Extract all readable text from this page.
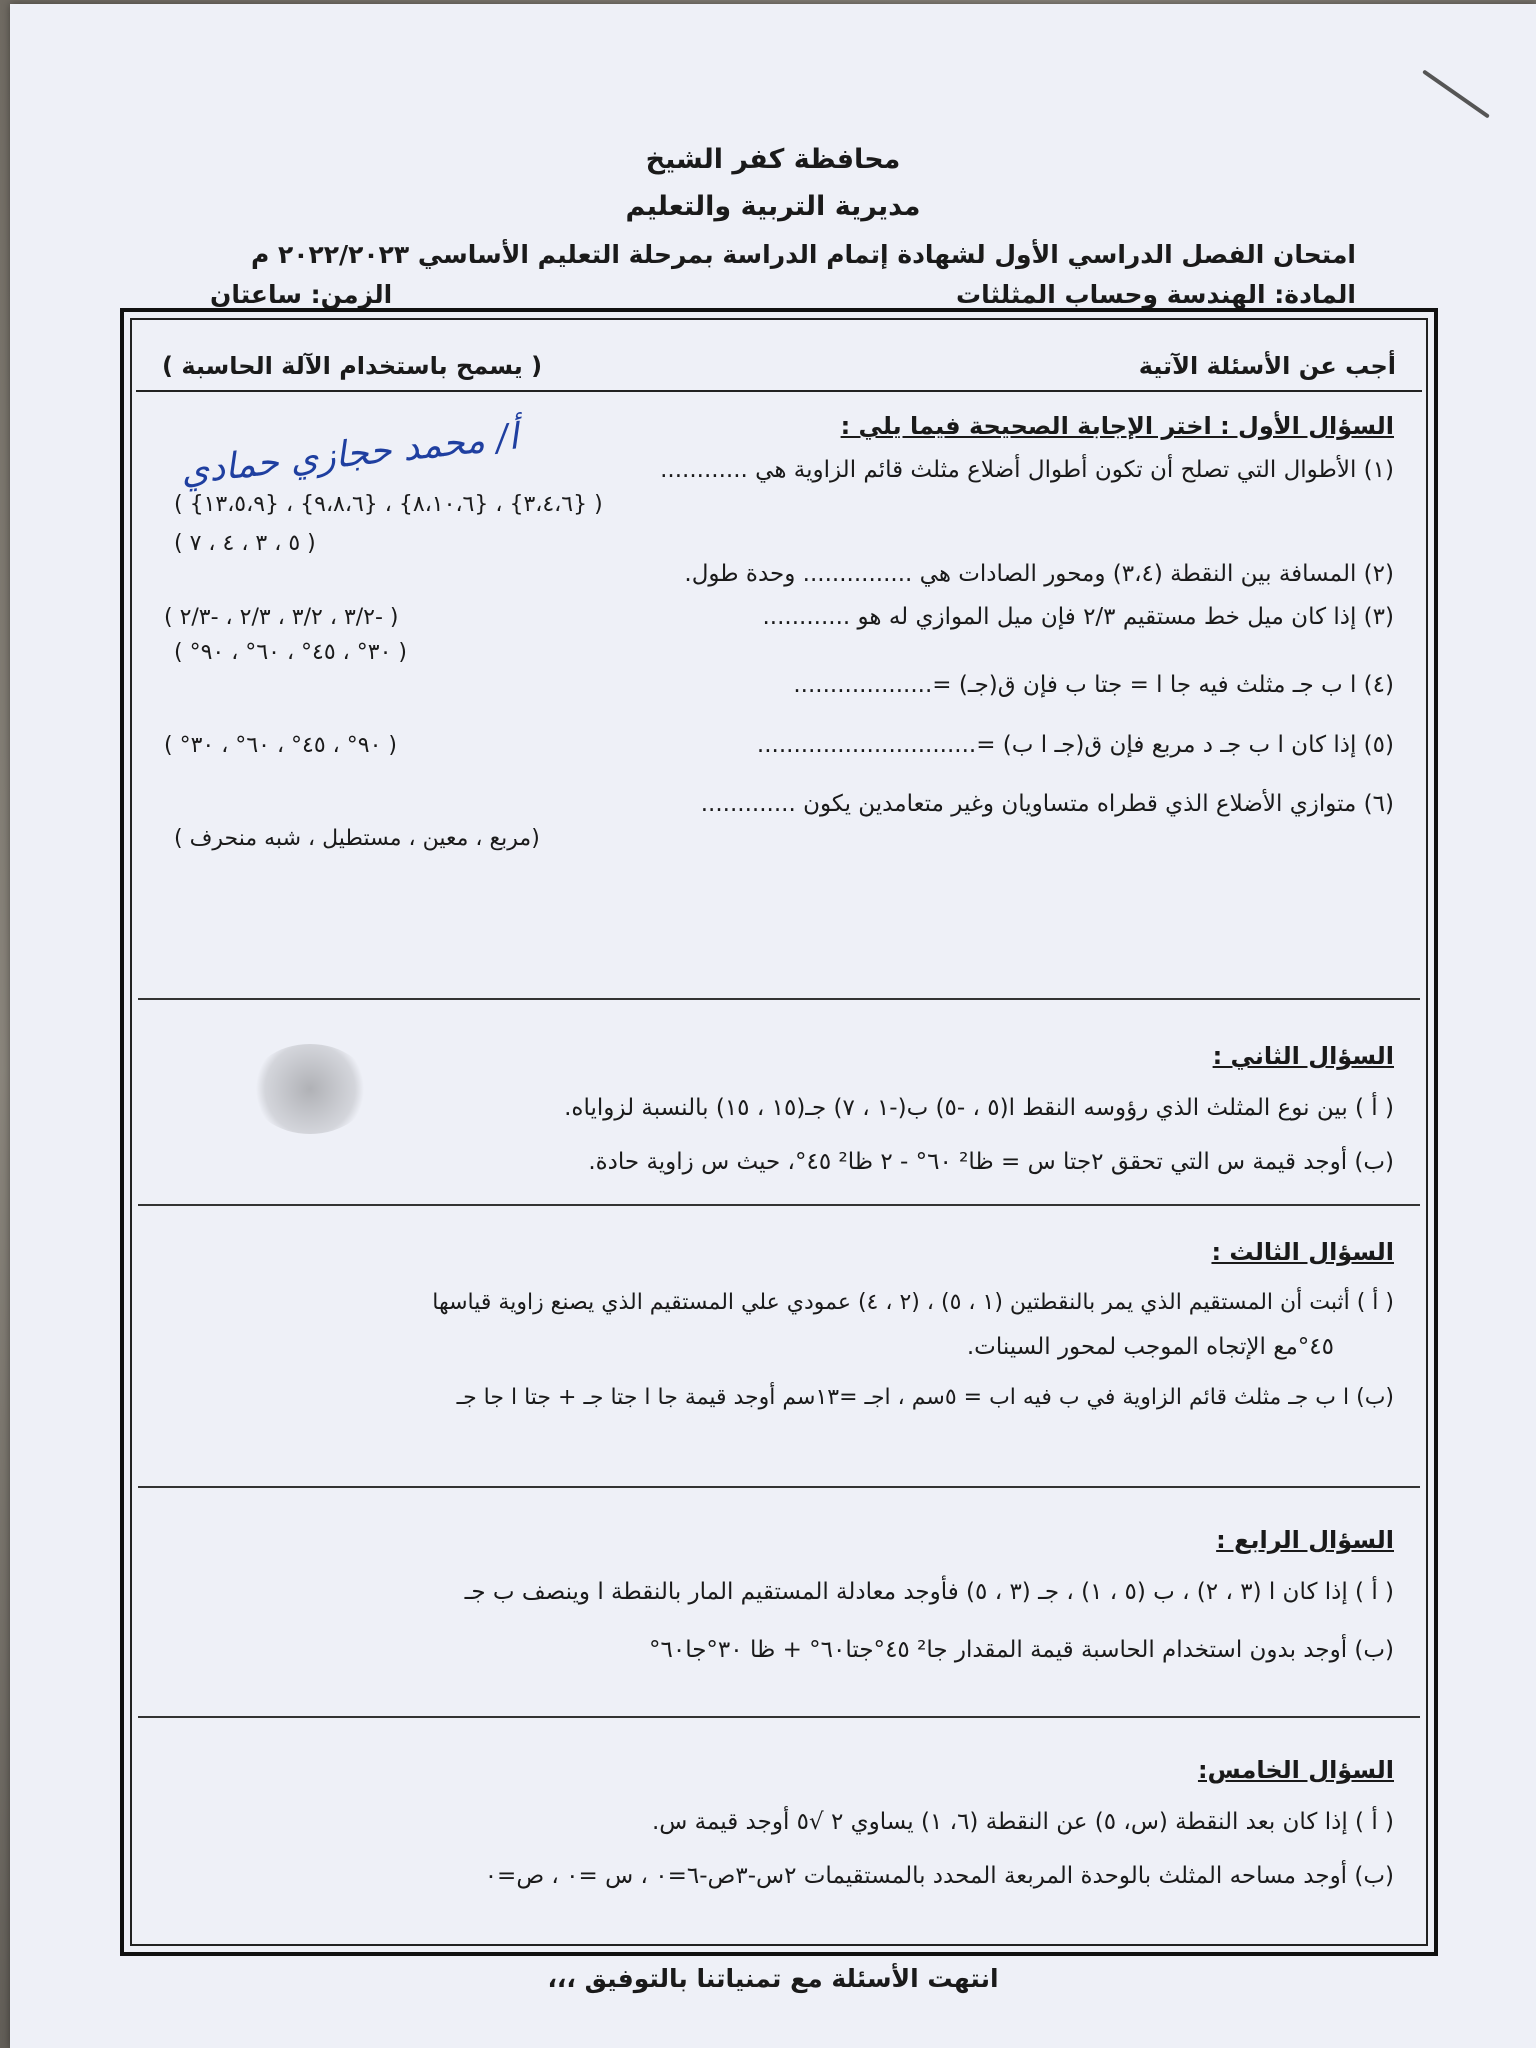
محافظة كفر الشيخ
مديرية التربية والتعليم
امتحان الفصل الدراسي الأول لشهادة إتمام الدراسة بمرحلة التعليم الأساسي ٢٠٢٢/٢٠٢٣ م
المادة: الهندسة وحساب المثلثات
الزمن: ساعتان
أجب عن الأسئلة الآتية
( يسمح باستخدام الآلة الحاسبة )
السؤال الأول : اختر الإجابة الصحيحة فيما يلي :
(١) الأطوال التي تصلح أن تكون أطوال أضلاع مثلث قائم الزاوية هي ............
( {٣،٤،٦} ، {٨،١٠،٦} ، {٩،٨،٦} ، {١٣،٥،٩} )
( ٥ ، ٣ ، ٤ ، ٧ )
(٢) المسافة بين النقطة (٣،٤) ومحور الصادات هي ............... وحدة طول.
(٣) إذا كان ميل خط مستقيم ٢/٣ فإن ميل الموازي له هو ............
( -٣/٢ ، ٣/٢ ، ٢/٣ ، -٢/٣ )
( ٣٠° ، ٤٥° ، ٦٠° ، ٩٠° )
(٤) ا ب جـ مثلث فيه جا ا = جتا ب فإن ق(جـ) =...................
(٥) إذا كان ا ب جـ د مربع فإن ق(جـ ا ب) =..............................
( ٩٠° ، ٤٥° ، ٦٠° ، ٣٠° )
(٦) متوازي الأضلاع الذي قطراه متساويان وغير متعامدين يكون .............
(مربع ، معين ، مستطيل ، شبه منحرف )
السؤال الثاني :
( أ ) بين نوع المثلث الذي رؤوسه النقط ا(٥ ، -٥) ب(-١ ، ٧) جـ(١٥ ، ١٥) بالنسبة لزواياه.
(ب) أوجد قيمة س التي تحقق ٢جتا س = ظا² ٦٠° - ٢ ظا² ٤٥°، حيث س زاوية حادة.
السؤال الثالث :
( أ ) أثبت أن المستقيم الذي يمر بالنقطتين (١ ، ٥) ، (٢ ، ٤) عمودي علي المستقيم الذي يصنع زاوية قياسها
٤٥°مع الإتجاه الموجب لمحور السينات.
(ب) ا ب جـ مثلث قائم الزاوية في ب فيه اب = ٥سم ، اجـ =١٣سم أوجد قيمة جا ا جتا جـ + جتا ا جا جـ
السؤال الرابع :
( أ ) إذا كان ا (٣ ، ٢) ، ب (٥ ، ١) ، جـ (٣ ، ٥) فأوجد معادلة المستقيم المار بالنقطة ا وينصف ب جـ
(ب) أوجد بدون استخدام الحاسبة قيمة المقدار جا² ٤٥°جتا٦٠° + ظا ٣٠°جا٦٠°
السؤال الخامس:
( أ ) إذا كان بعد النقطة (س، ٥) عن النقطة (٦، ١) يساوي ٢ √٥ أوجد قيمة س.
(ب) أوجد مساحه المثلث بالوحدة المربعة المحدد بالمستقيمات ٢س-٣ص-٦=٠ ، س =٠ ، ص=٠
أ/ محمد حجازي حمادي
انتهت الأسئلة مع تمنياتنا بالتوفيق ،،،
